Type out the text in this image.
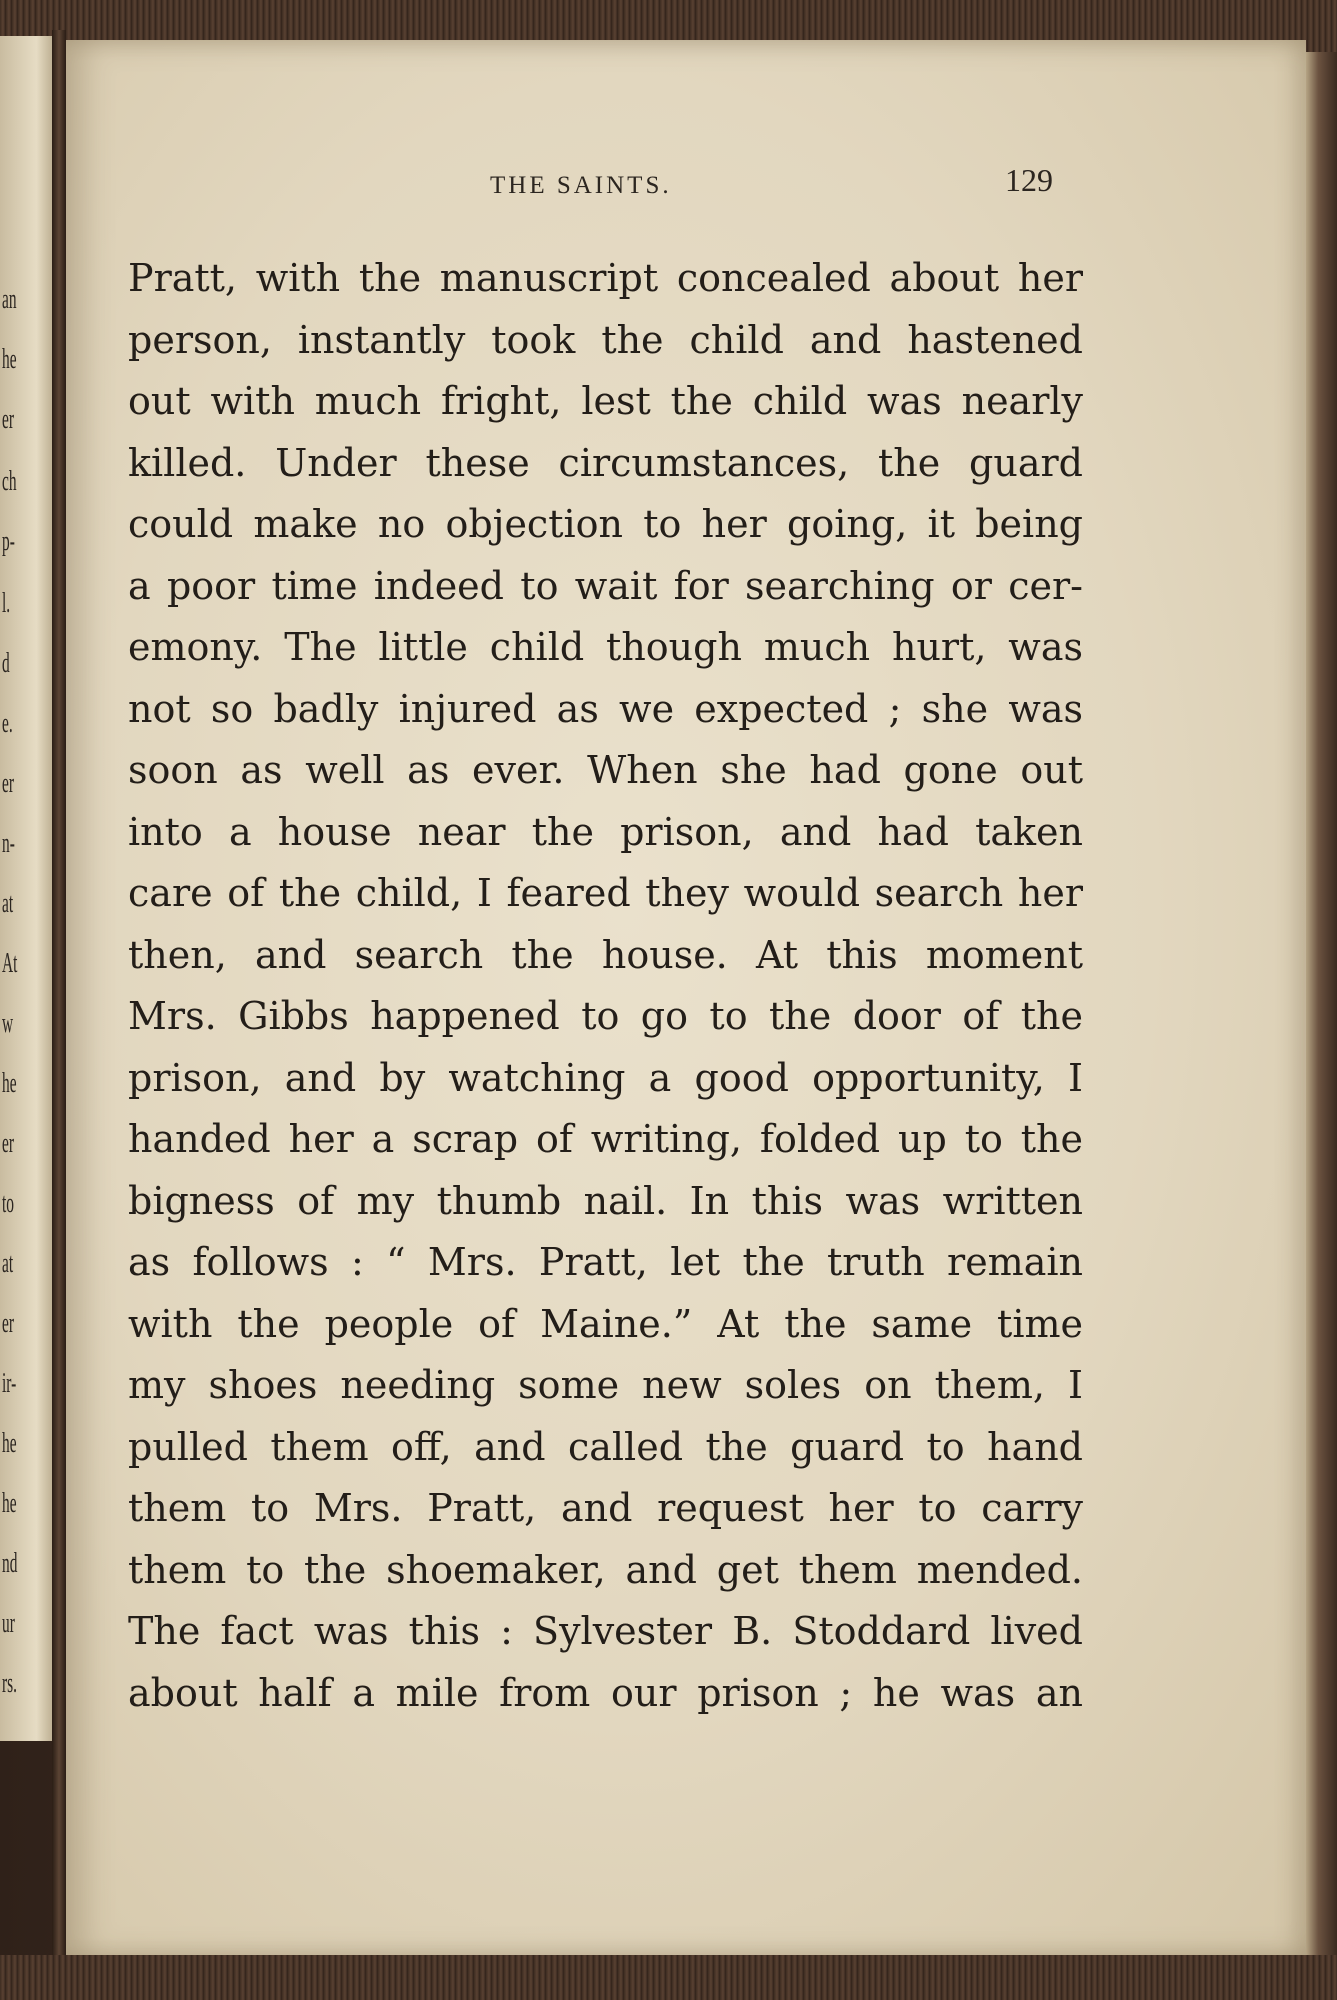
an
he
er
ch
p-
l.
d
e.
er
n-
at
At
w
he
er
to
at
er
ir-
he
he
nd
ur
rs.
THE SAINTS.	129
Pratt, with the manuscript concealed about her
person, instantly took the child and hastened
out with much fright, lest the child was nearly
killed. Under these circumstances, the guard
could make no objection to her going, it being
a poor time indeed to wait for searching or cer-
emony. The little child though much hurt, was
not so badly injured as we expected ; she was
soon as well as ever. When she had gone out
into a house near the prison, and had taken
care of the child, I feared they would search her
then, and search the house. At this moment
Mrs. Gibbs happened to go to the door of the
prison, and by watching a good opportunity, I
handed her a scrap of writing, folded up to the
bigness of my thumb nail. In this was written
as follows : “ Mrs. Pratt, let the truth remain
with the people of Maine.” At the same time
my shoes needing some new soles on them, I
pulled them off, and called the guard to hand
them to Mrs. Pratt, and request her to carry
them to the shoemaker, and get them mended.
The fact was this : Sylvester B. Stoddard lived
about half a mile from our prison ; he was an
